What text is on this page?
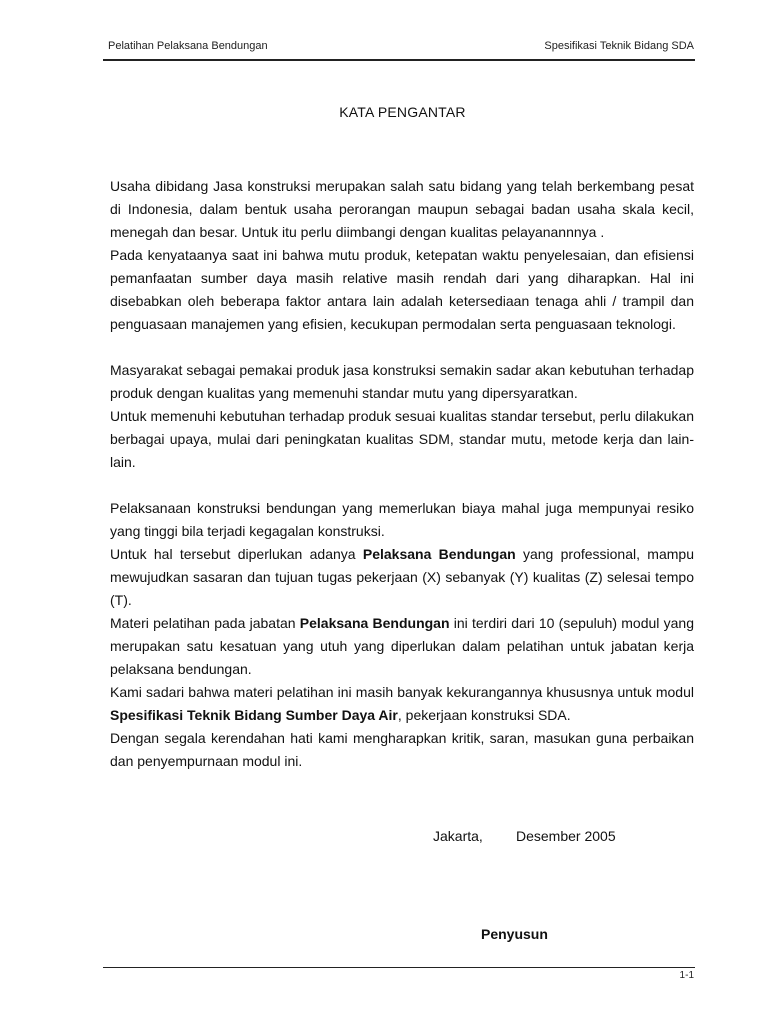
Pelatihan Pelaksana Bendungan	Spesifikasi Teknik Bidang SDA
KATA PENGANTAR

Usaha dibidang Jasa konstruksi merupakan salah satu bidang yang telah berkembang pesat di Indonesia, dalam bentuk usaha perorangan maupun sebagai badan usaha skala kecil, menegah dan besar. Untuk itu perlu diimbangi dengan kualitas pelayanannnya .

Pada kenyataanya saat ini bahwa mutu produk, ketepatan waktu penyelesaian, dan efisiensi pemanfaatan sumber daya masih relative masih rendah dari yang diharapkan. Hal ini disebabkan oleh beberapa faktor antara lain adalah ketersediaan tenaga ahli / trampil dan penguasaan manajemen yang efisien, kecukupan permodalan serta penguasaan teknologi.

Masyarakat sebagai pemakai produk jasa konstruksi semakin sadar akan kebutuhan terhadap produk dengan kualitas yang memenuhi standar mutu yang dipersyaratkan.

Untuk memenuhi kebutuhan terhadap produk sesuai kualitas standar tersebut, perlu dilakukan berbagai upaya, mulai dari peningkatan kualitas SDM, standar mutu, metode kerja dan lain-lain.

Pelaksanaan konstruksi bendungan yang memerlukan biaya mahal juga mempunyai resiko yang tinggi bila terjadi kegagalan konstruksi.

Untuk hal tersebut diperlukan adanya Pelaksana Bendungan yang professional, mampu mewujudkan sasaran dan tujuan tugas pekerjaan (X) sebanyak (Y) kualitas (Z) selesai tempo (T).

Materi pelatihan pada jabatan Pelaksana Bendungan ini terdiri dari 10 (sepuluh) modul yang merupakan satu kesatuan yang utuh yang diperlukan dalam pelatihan untuk jabatan kerja pelaksana bendungan.

Kami sadari bahwa materi pelatihan ini masih banyak kekurangannya khususnya untuk modul Spesifikasi Teknik Bidang Sumber Daya Air, pekerjaan konstruksi SDA.

Dengan segala kerendahan hati kami mengharapkan kritik, saran, masukan guna perbaikan dan penyempurnaan modul ini.

Jakarta, Desember 2005
Penyusun
1-1
